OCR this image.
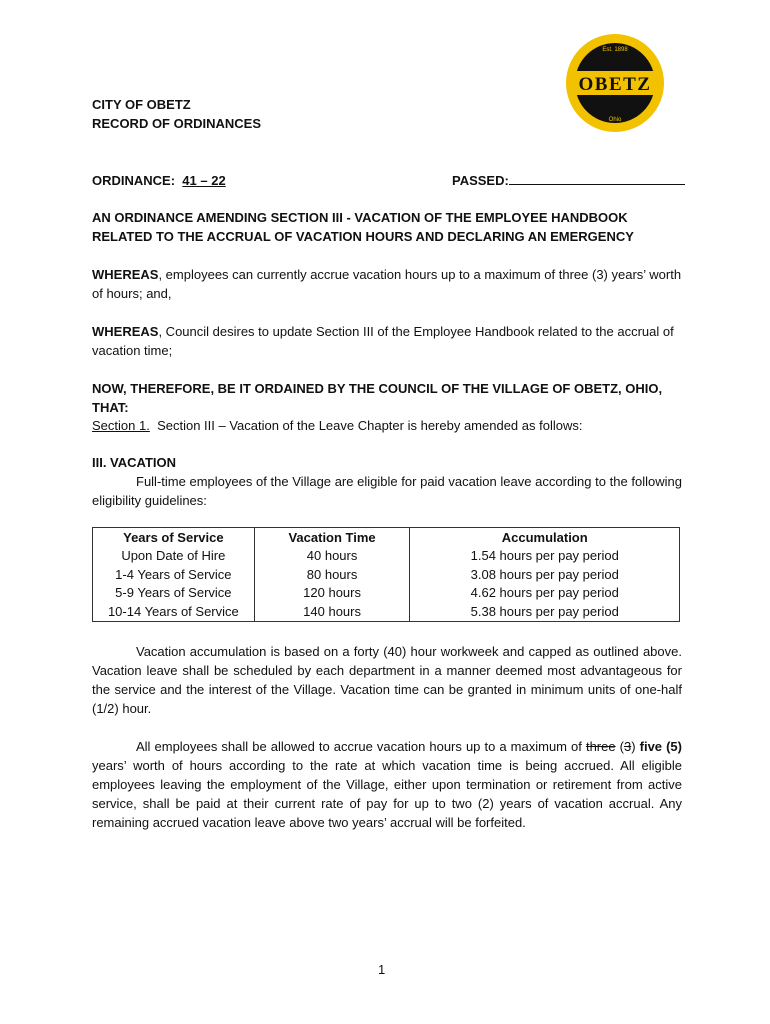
OBETZ
Est. 1898
Ohio
CITY OF OBETZ
RECORD OF ORDINANCES
ORDINANCE: 41 – 22	PASSED:
AN ORDINANCE AMENDING SECTION III - VACATION OF THE EMPLOYEE HANDBOOK RELATED TO THE ACCRUAL OF VACATION HOURS AND DECLARING AN EMERGENCY
WHEREAS, employees can currently accrue vacation hours up to a maximum of three (3) years’ worth of hours; and,
WHEREAS, Council desires to update Section III of the Employee Handbook related to the accrual of vacation time;
NOW, THEREFORE, BE IT ORDAINED BY THE COUNCIL OF THE VILLAGE OF OBETZ, OHIO, THAT:
Section 1. Section III – Vacation of the Leave Chapter is hereby amended as follows:
III. VACATION
Full-time employees of the Village are eligible for paid vacation leave according to the following eligibility guidelines:
Years of Service	Vacation Time	Accumulation
Upon Date of Hire	40 hours	1.54 hours per pay period
1-4 Years of Service	80 hours	3.08 hours per pay period
5-9 Years of Service	120 hours	4.62 hours per pay period
10-14 Years of Service	140 hours	5.38 hours per pay period
Vacation accumulation is based on a forty (40) hour workweek and capped as outlined above. Vacation leave shall be scheduled by each department in a manner deemed most advantageous for the service and the interest of the Village. Vacation time can be granted in minimum units of one-half (1/2) hour.
All employees shall be allowed to accrue vacation hours up to a maximum of three (3) five (5) years’ worth of hours according to the rate at which vacation time is being accrued. All eligible employees leaving the employment of the Village, either upon termination or retirement from active service, shall be paid at their current rate of pay for up to two (2) years of vacation accrual. Any remaining accrued vacation leave above two years’ accrual will be forfeited.
1
